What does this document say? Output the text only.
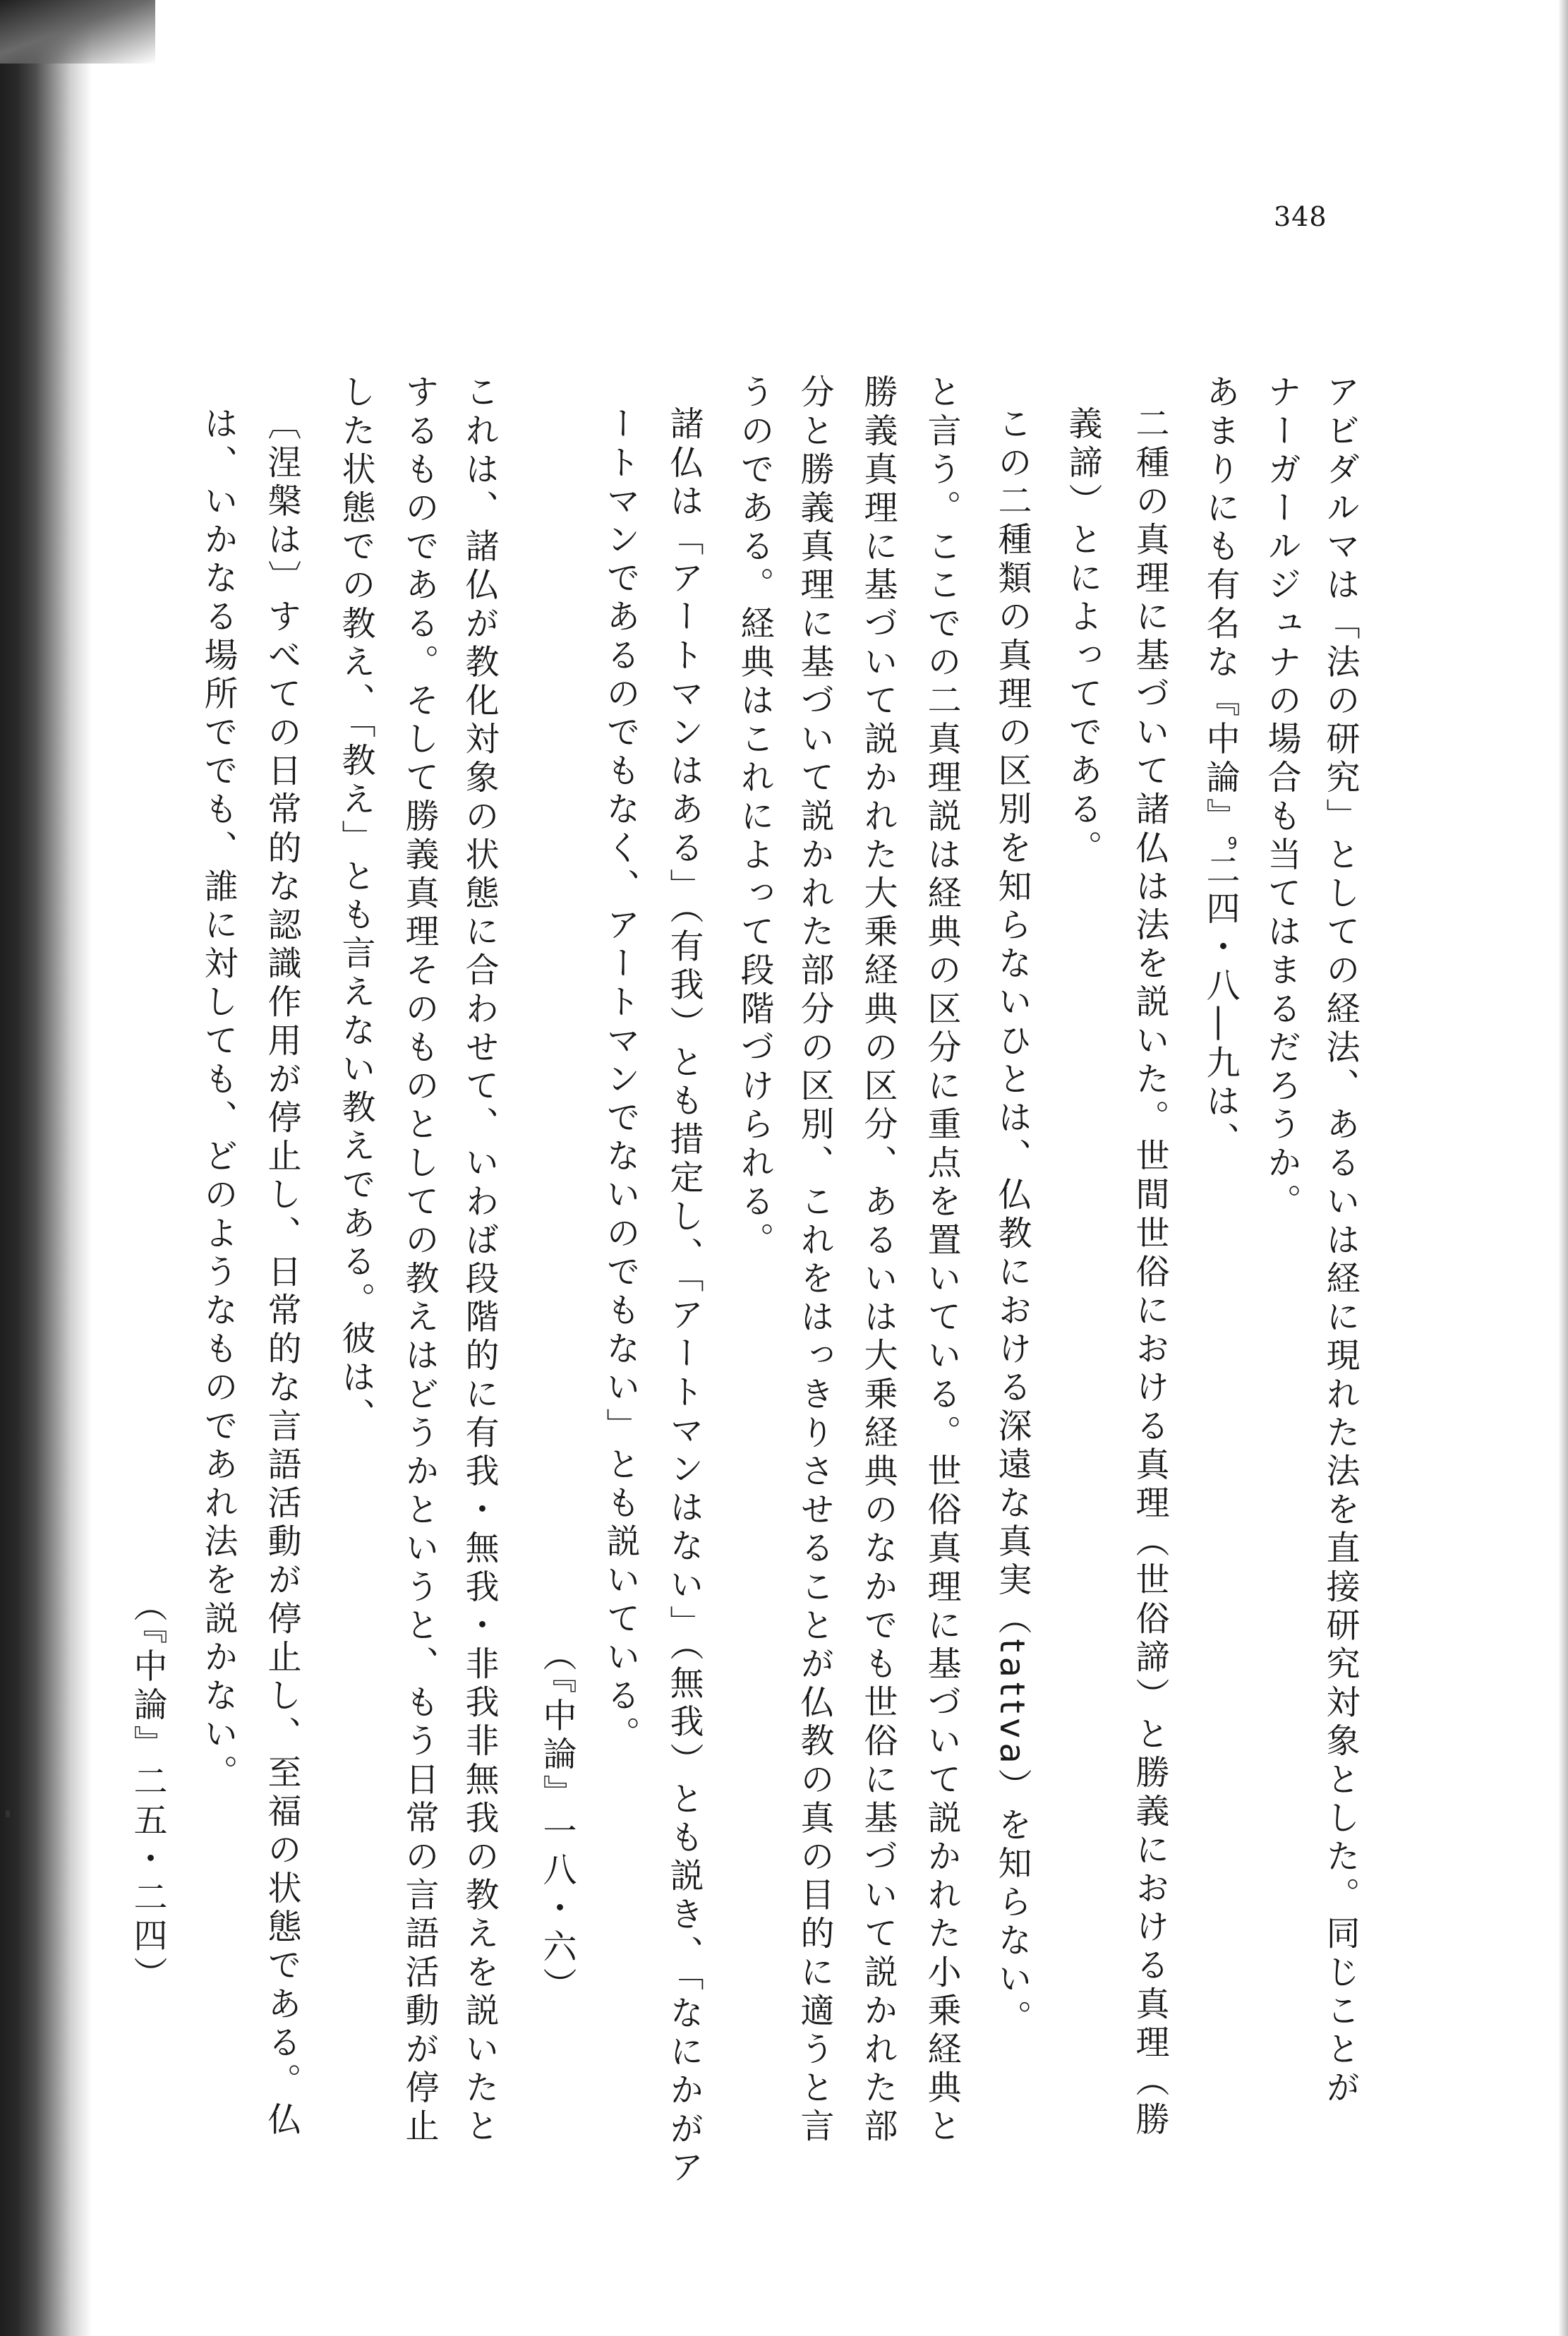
348
アビダルマは「法の研究」としての経法、あるいは経に現れた法を直接研究対象とした。同じことが
ナーガールジュナの場合も当てはまるだろうか。
あまりにも有名な『中論』$^9$二四・八―九は、
二種の真理に基づいて諸仏は法を説いた。世間世俗における真理（世俗諦）と勝義における真理（勝
義諦）とによってである。
この二種類の真理の区別を知らないひとは、仏教における深遠な真実（tattva）を知らない。
と言う。ここでの二真理説は経典の区分に重点を置いている。世俗真理に基づいて説かれた小乗経典と
勝義真理に基づいて説かれた大乗経典の区分、あるいは大乗経典のなかでも世俗に基づいて説かれた部
分と勝義真理に基づいて説かれた部分の区別、これをはっきりさせることが仏教の真の目的に適うと言
うのである。経典はこれによって段階づけられる。
諸仏は「アートマンはある」（有我）とも措定し、「アートマンはない」（無我）とも説き、「なにかがア
ートマンであるのでもなく、アートマンでないのでもない」とも説いている。
（『中論』一八・六）
これは、諸仏が教化対象の状態に合わせて、いわば段階的に有我・無我・非我非無我の教えを説いたと
するものである。そして勝義真理そのものとしての教えはどうかというと、もう日常の言語活動が停止
した状態での教え、「教え」とも言えない教えである。彼は、
〔涅槃は〕すべての日常的な認識作用が停止し、日常的な言語活動が停止し、至福の状態である。仏
は、いかなる場所ででも、誰に対しても、どのようなものであれ法を説かない。
（『中論』二五・二四）
